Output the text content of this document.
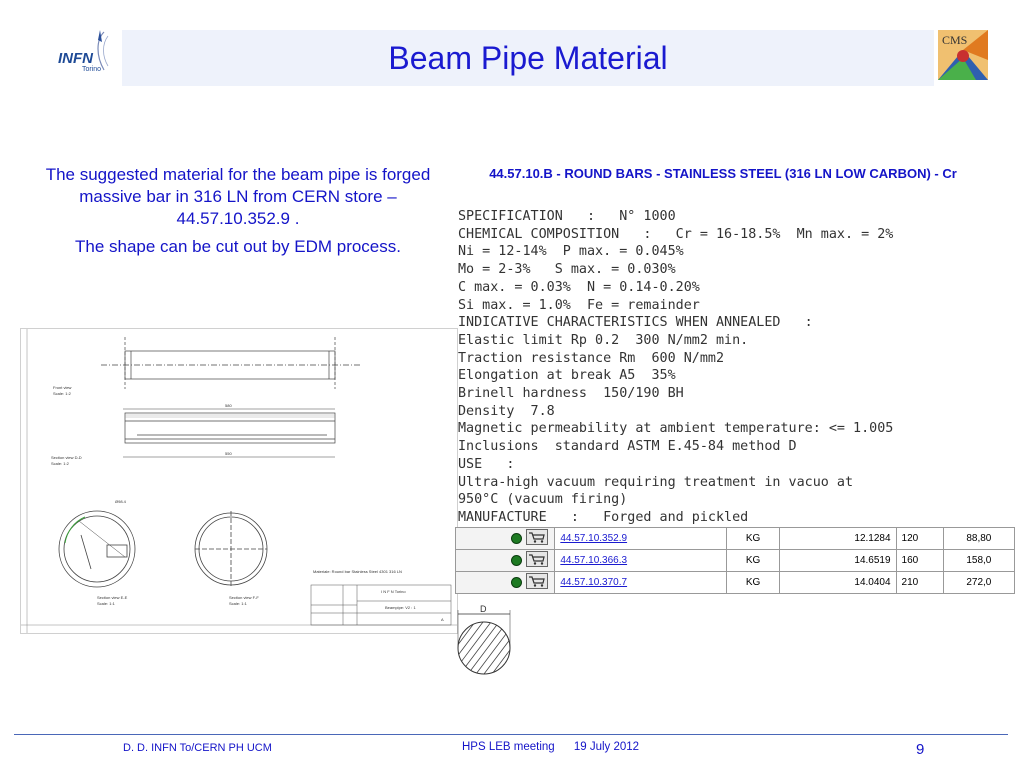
Beam Pipe Material
INFN
Torino
CMS

The suggested material for the beam pipe is forged massive bar in 316 LN from CERN store – 44.57.10.352.9 .

The shape can be cut out by EDM process.

Front view
Scale: 1:2
580
550
Section view D-D
Scale: 1:2
Ø98.4
Section view E-E
Scale: 1:1
Section view F-F
Scale: 1:1
Materiale: Round bar Stainless Steel 4301 316 LN
I N F N Torino
Beampipe: V2 : 1
A
44.57.10.B - ROUND BARS - STAINLESS STEEL (316 LN LOW CARBON) - Cr
SPECIFICATION   :   N° 1000
CHEMICAL COMPOSITION   :   Cr = 16-18.5%  Mn max. = 2%
Ni = 12-14%  P max. = 0.045%
Mo = 2-3%   S max. = 0.030%
C max. = 0.03%  N = 0.14-0.20%
Si max. = 1.0%  Fe = remainder
INDICATIVE CHARACTERISTICS WHEN ANNEALED   :
Elastic limit Rp 0.2  300 N/mm2 min.
Traction resistance Rm  600 N/mm2
Elongation at break A5  35%
Brinell hardness  150/190 BH
Density  7.8
Magnetic permeability at ambient temperature: <= 1.005
Inclusions  standard ASTM E.45-84 method D
USE   :
Ultra-high vacuum requiring treatment in vacuo at
950°C (vacuum firing)
MANUFACTURE   :   Forged and pickled
	44.57.10.352.9	KG	12.1284	120	88,80
	44.57.10.366.3	KG	14.6519	160	158,0
	44.57.10.370.7	KG	14.0404	210	272,0
D
D. D. INFN To/CERN PH UCM	HPS LEB meeting      19 July 2012	9
